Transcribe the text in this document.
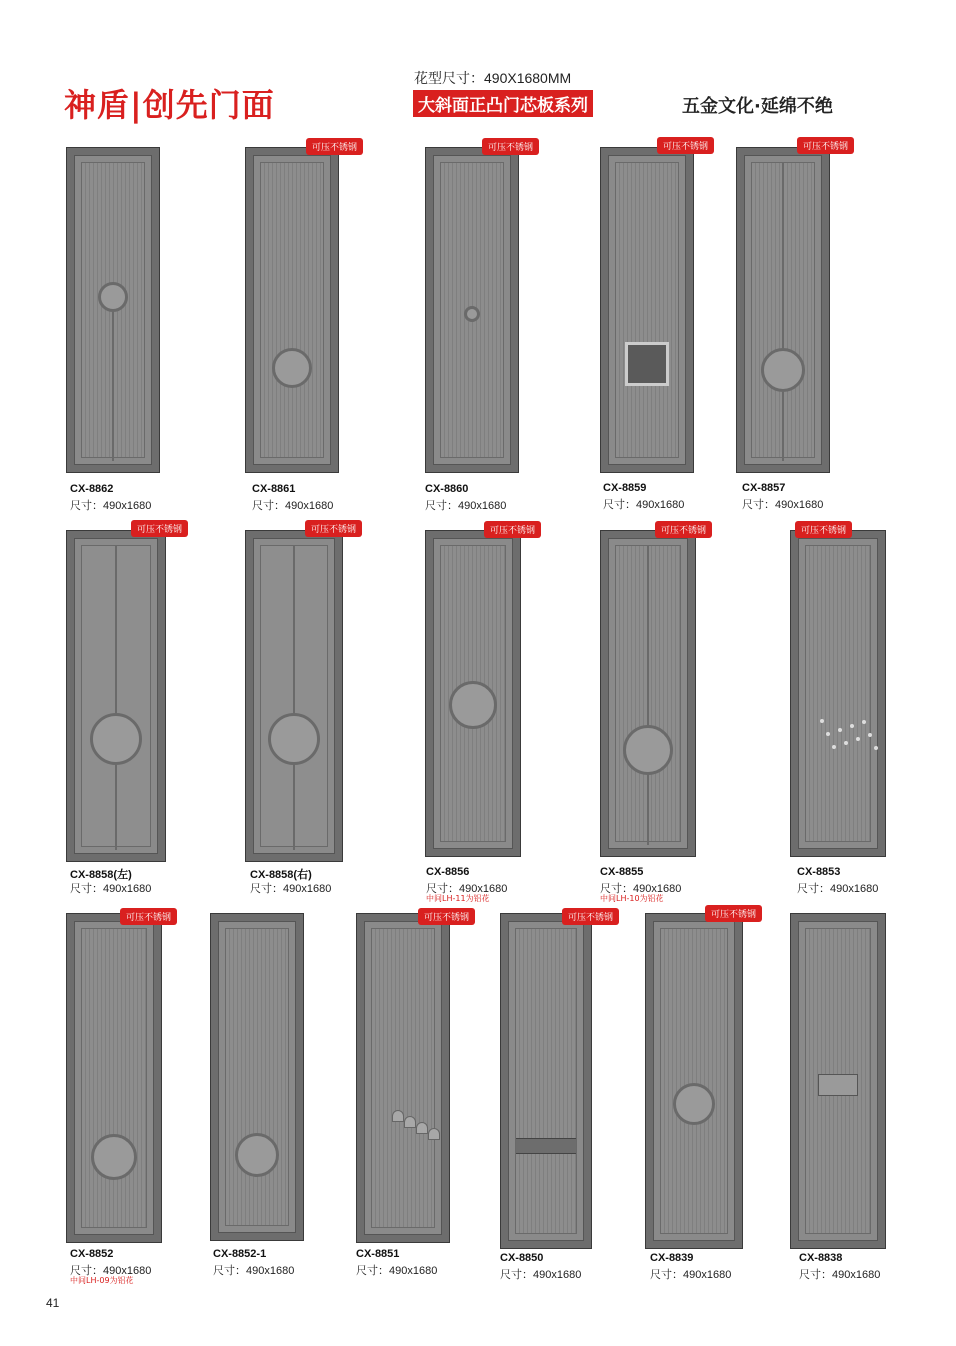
神盾|创先门面
花型尺寸：490X1680MM
大斜面正凸门芯板系列	五金文化·延绵不绝
CX-8862
尺寸：490x1680
可压不锈钢
CX-8861
尺寸：490x1680
可压不锈钢
CX-8860
尺寸：490x1680
可压不锈钢
CX-8859
尺寸：490x1680
可压不锈钢
CX-8857
尺寸：490x1680
可压不锈钢
CX-8858(左)
尺寸：490x1680
可压不锈钢
CX-8858(右)
尺寸：490x1680
可压不锈钢
CX-8856
尺寸：490x1680
中间LH-11为铝花
可压不锈钢
CX-8855
尺寸：490x1680
中间LH-10为铝花
可压不锈钢
CX-8853
尺寸：490x1680
可压不锈钢
CX-8852
尺寸：490x1680
中间LH-09为铝花
CX-8852-1
尺寸：490x1680
可压不锈钢
CX-8851
尺寸：490x1680
可压不锈钢
CX-8850
尺寸：490x1680
可压不锈钢
CX-8839
尺寸：490x1680
CX-8838
尺寸：490x1680
41
